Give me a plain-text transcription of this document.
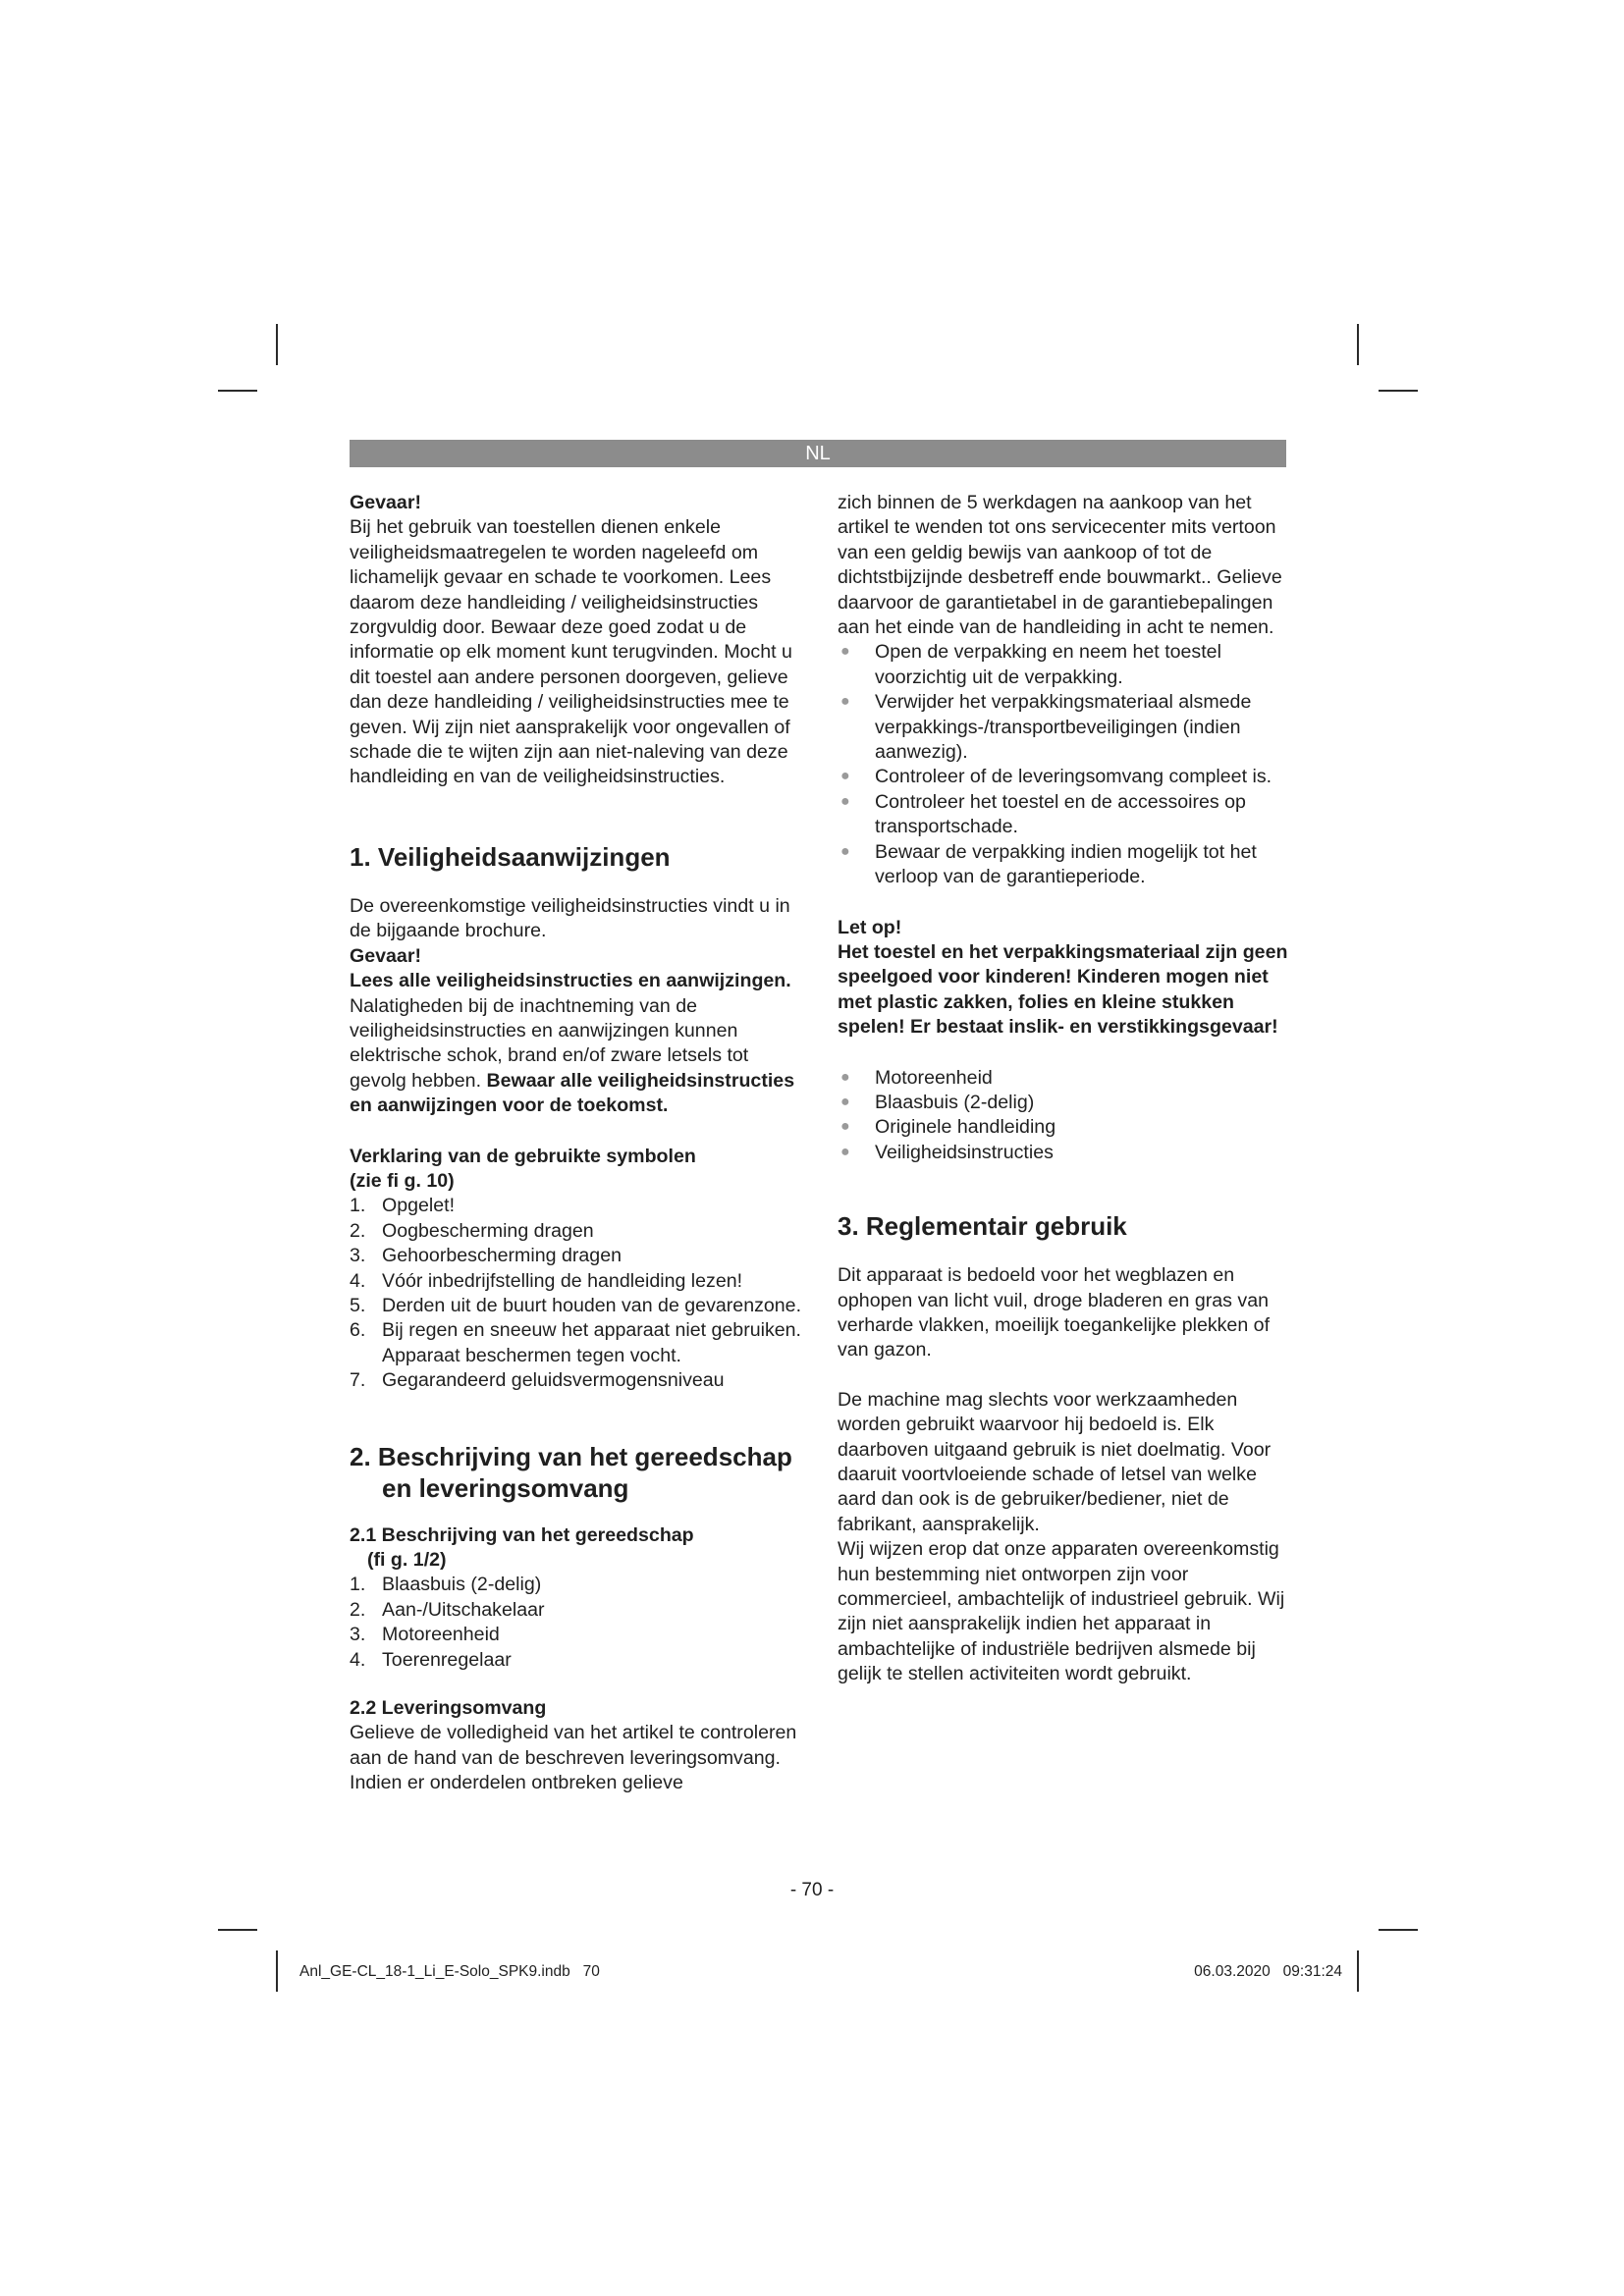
NL

Gevaar!

Bij het gebruik van toestellen dienen enkele veiligheidsmaatregelen te worden nageleefd om lichamelijk gevaar en schade te voorkomen. Lees daarom deze handleiding / veiligheidsinstructies zorgvuldig door. Bewaar deze goed zodat u de informatie op elk moment kunt terugvinden. Mocht u dit toestel aan andere personen doorgeven, gelieve dan deze handleiding / veiligheidsinstructies mee te geven. Wij zijn niet aansprakelijk voor ongevallen of schade die te wijten zijn aan niet-naleving van deze handleiding en van de veiligheidsinstructies.

1. Veiligheidsaanwijzingen

De overeenkomstige veiligheidsinstructies vindt u in de bijgaande brochure.

Gevaar!

Lees alle veiligheidsinstructies en aanwijzingen. Nalatigheden bij de inachtneming van de veiligheidsinstructies en aanwijzingen kunnen elektrische schok, brand en/of zware letsels tot gevolg hebben. Bewaar alle veiligheidsinstructies en aanwijzingen voor de toekomst.

Verklaring van de gebruikte symbolen

(zie fi g. 10)

1. Opgelet!
2. Oogbescherming dragen
3. Gehoorbescherming dragen
4. Vóór inbedrijfstelling de handleiding lezen!
5. Derden uit de buurt houden van de gevarenzone.
6. Bij regen en sneeuw het apparaat niet gebruiken. Apparaat beschermen tegen vocht.
7. Gegarandeerd geluidsvermogensniveau

2. Beschrijving van het gereedschap

en leveringsomvang

2.1 Beschrijving van het gereedschap

(fi g. 1/2)

1. Blaasbuis (2-delig)
2. Aan-/Uitschakelaar
3. Motoreenheid
4. Toerenregelaar

2.2 Leveringsomvang

Gelieve de volledigheid van het artikel te controleren aan de hand van de beschreven leveringsomvang. Indien er onderdelen ontbreken gelieve

zich binnen de 5 werkdagen na aankoop van het artikel te wenden tot ons servicecenter mits vertoon van een geldig bewijs van aankoop of tot de dichtstbijzijnde desbetreff ende bouwmarkt.. Gelieve daarvoor de garantietabel in de garantiebepalingen aan het einde van de handleiding in acht te nemen.

● Open de verpakking en neem het toestel voorzichtig uit de verpakking.
● Verwijder het verpakkingsmateriaal alsmede verpakkings-/transportbeveiligingen (indien aanwezig).
● Controleer of de leveringsomvang compleet is.
● Controleer het toestel en de accessoires op transportschade.
● Bewaar de verpakking indien mogelijk tot het verloop van de garantieperiode.

Let op!

Het toestel en het verpakkingsmateriaal zijn geen speelgoed voor kinderen! Kinderen mogen niet met plastic zakken, folies en kleine stukken spelen! Er bestaat inslik- en verstikkingsgevaar!

● Motoreenheid
● Blaasbuis (2-delig)
● Originele handleiding
● Veiligheidsinstructies

3. Reglementair gebruik

Dit apparaat is bedoeld voor het wegblazen en ophopen van licht vuil, droge bladeren en gras van verharde vlakken, moeilijk toegankelijke plekken of van gazon.

De machine mag slechts voor werkzaamheden worden gebruikt waarvoor hij bedoeld is. Elk daarboven uitgaand gebruik is niet doelmatig. Voor daaruit voortvloeiende schade of letsel van welke aard dan ook is de gebruiker/bediener, niet de fabrikant, aansprakelijk.

Wij wijzen erop dat onze apparaten overeenkomstig hun bestemming niet ontworpen zijn voor commercieel, ambachtelijk of industrieel gebruik. Wij zijn niet aansprakelijk indien het apparaat in ambachtelijke of industriële bedrijven alsmede bij gelijk te stellen activiteiten wordt gebruikt.

- 70 -
Anl_GE-CL_18-1_Li_E-Solo_SPK9.indb   70	06.03.2020   09:31:24
